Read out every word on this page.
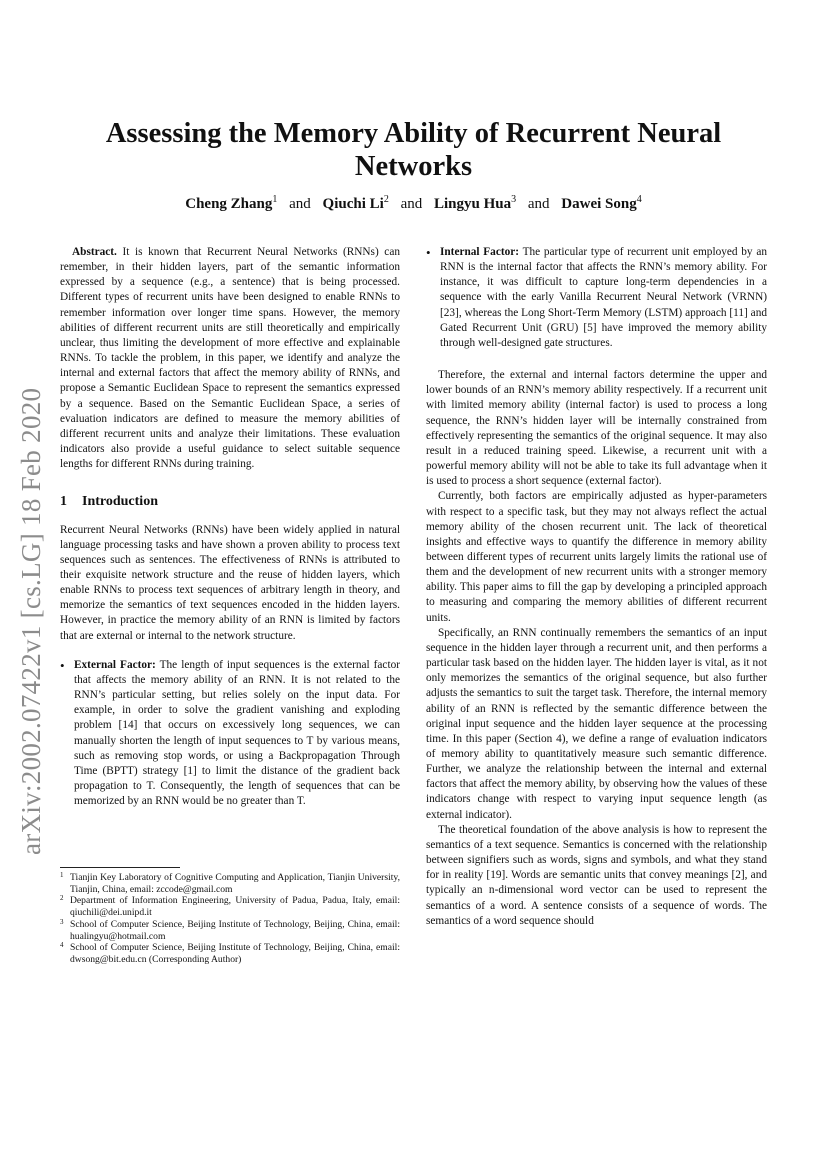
arXiv:2002.07422v1 [cs.LG] 18 Feb 2020
Assessing the Memory Ability of Recurrent Neural
Networks
Cheng Zhang$^1$ and Qiuchi Li$^2$ and Lingyu Hua$^3$ and Dawei Song$^4$

Abstract. It is known that Recurrent Neural Networks (RNNs) can remember, in their hidden layers, part of the semantic information expressed by a sequence (e.g., a sentence) that is being processed. Different types of recurrent units have been designed to enable RNNs to remember information over longer time spans. However, the memory abilities of different recurrent units are still theoretically and empirically unclear, thus limiting the development of more effective and explainable RNNs. To tackle the problem, in this paper, we identify and analyze the internal and external factors that affect the memory ability of RNNs, and propose a Semantic Euclidean Space to represent the semantics expressed by a sequence. Based on the Semantic Euclidean Space, a series of evaluation indicators are defined to measure the memory abilities of different recurrent units and analyze their limitations. These evaluation indicators also provide a useful guidance to select suitable sequence lengths for different RNNs during training.

1 Introduction

Recurrent Neural Networks (RNNs) have been widely applied in natural language processing tasks and have shown a proven ability to process text sequences such as sentences. The effectiveness of RNNs is attributed to their exquisite network structure and the reuse of hidden layers, which enable RNNs to process text sequences of arbitrary length in theory, and memorize the semantics of text sequences encoded in the hidden layers. However, in practice the memory ability of an RNN is limited by factors that are external or internal to the network structure.

• External Factor: The length of input sequences is the external factor that affects the memory ability of an RNN. It is not related to the RNN’s particular setting, but relies solely on the input data. For example, in order to solve the gradient vanishing and exploding problem [14] that occurs on excessively long sequences, we can manually shorten the length of input sequences to T by various means, such as removing stop words, or using a Backpropagation Through Time (BPTT) strategy [1] to limit the distance of the gradient back propagation to T. Consequently, the length of sequences that can be memorized by an RNN would be no greater than T.
1 Tianjin Key Laboratory of Cognitive Computing and Application, Tianjin University, Tianjin, China, email: zccode@gmail.com
2 Department of Information Engineering, University of Padua, Padua, Italy, email: qiuchili@dei.unipd.it
3 School of Computer Science, Beijing Institute of Technology, Beijing, China, email: hualingyu@hotmail.com
4 School of Computer Science, Beijing Institute of Technology, Beijing, China, email: dwsong@bit.edu.cn (Corresponding Author)
• Internal Factor: The particular type of recurrent unit employed by an RNN is the internal factor that affects the RNN’s memory ability. For instance, it was difficult to capture long-term dependencies in a sequence with the early Vanilla Recurrent Neural Network (VRNN) [23], whereas the Long Short-Term Memory (LSTM) approach [11] and Gated Recurrent Unit (GRU) [5] have improved the memory ability through well-designed gate structures.

Therefore, the external and internal factors determine the upper and lower bounds of an RNN’s memory ability respectively. If a recurrent unit with limited memory ability (internal factor) is used to process a long sequence, the RNN’s hidden layer will be internally constrained from effectively representing the semantics of the original sequence. It may also result in a reduced training speed. Likewise, a recurrent unit with a powerful memory ability will not be able to take its full advantage when it is used to process a short sequence (external factor).

Currently, both factors are empirically adjusted as hyper-parameters with respect to a specific task, but they may not always reflect the actual memory ability of the chosen recurrent unit. The lack of theoretical insights and effective ways to quantify the difference in memory ability between different types of recurrent units largely limits the rational use of them and the development of new recurrent units with a stronger memory ability. This paper aims to fill the gap by developing a principled approach to measuring and comparing the memory abilities of different recurrent units.

Specifically, an RNN continually remembers the semantics of an input sequence in the hidden layer through a recurrent unit, and then performs a particular task based on the hidden layer. The hidden layer is vital, as it not only memorizes the semantics of the original sequence, but also further adjusts the semantics to suit the target task. Therefore, the internal memory ability of an RNN is reflected by the semantic difference between the original input sequence and the hidden layer sequence at the processing time. In this paper (Section 4), we define a range of evaluation indicators of memory ability to quantitatively measure such semantic difference. Further, we analyze the relationship between the internal and external factors that affect the memory ability, by observing how the values of these indicators change with respect to varying input sequence length (as external indicator).

The theoretical foundation of the above analysis is how to represent the semantics of a text sequence. Semantics is concerned with the relationship between signifiers such as words, signs and symbols, and what they stand for in reality [19]. Words are semantic units that convey meanings [2], and typically an n-dimensional word vector can be used to represent the semantics of a word. A sentence consists of a sequence of words. The semantics of a word sequence should
